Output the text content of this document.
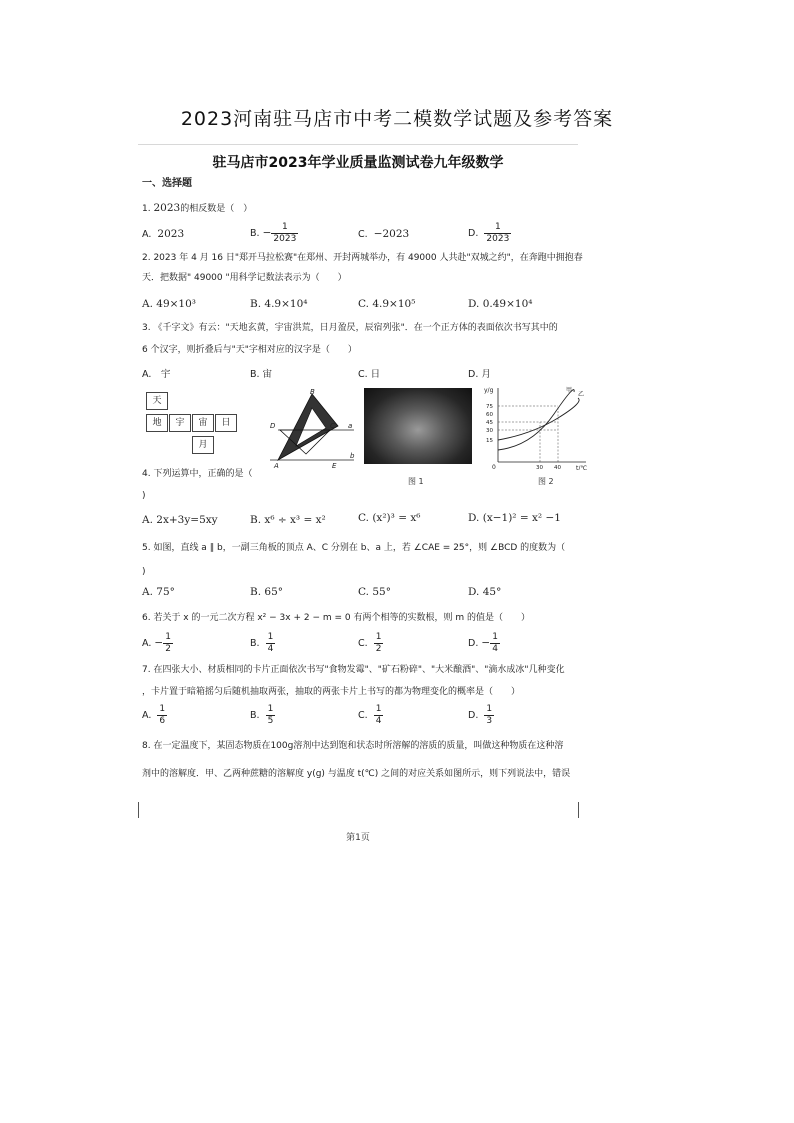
2023河南驻马店市中考二模数学试题及参考答案
驻马店市2023年学业质量监测试卷九年级数学
一、选择题
1. 2023的相反数是（　）
A. 2023	B. − $\frac{1}{2023}$	C. −2023	D. $\frac{1}{2023}$
2. 2023 年 4 月 16 日"郑开马拉松赛"在郑州、开封两城举办，有 49000 人共赴"双城之约"，在奔跑中拥抱春
天．把数据" 49000 "用科学记数法表示为（　　）
A. 49×10³	B. 4.9×10⁴	C. 4.9×10⁵	D. 0.49×10⁴
3. 《千字文》有云："天地玄黄，宇宙洪荒，日月盈昃，辰宿列张"．在一个正方体的表面依次书写其中的
6 个汉字，则折叠后与"天"字相对应的汉字是（　　）
A.　宇	B. 宙	C. 日	D. 月
天
地	宇	宙	日
月
B
D	C a
A	E
b
图 1
y/g
t/℃
甲
乙
0
75
60
45
30
15
30 40
图 2
4. 下列运算中，正确的是（
)
A. 2x+3y=5xy	B. x⁶ ÷ x³ = x²	C. (x²)³ = x⁶	D. (x−1)² = x² −1
5. 如图，直线 a ∥ b，一副三角板的顶点 A、C 分别在 b、a 上，若 ∠CAE = 25°，则 ∠BCD 的度数为（
)
A. 75°	B. 65°	C. 55°	D. 45°
6. 若关于 x 的一元二次方程 x² − 3x + 2 − m = 0 有两个相等的实数根，则 m 的值是（　　）
A. − $\frac{1}{2}$	B. $\frac{1}{4}$	C. $\frac{1}{2}$	D. − $\frac{1}{4}$
7. 在四张大小、材质相同的卡片正面依次书写"食物发霉"、"矿石粉碎"、"大米酿酒"、"滴水成冰"几种变化
，卡片置于暗箱摇匀后随机抽取两张，抽取的两张卡片上书写的都为物理变化的概率是（　　）
A. $\frac{1}{6}$	B. $\frac{1}{5}$	C. $\frac{1}{4}$	D. $\frac{1}{3}$
8. 在一定温度下，某固态物质在100g溶剂中达到饱和状态时所溶解的溶质的质量，叫做这种物质在这种溶
剂中的溶解度．甲、乙两种蔗糖的溶解度 y(g) 与温度 t(℃) 之间的对应关系如图所示，则下列说法中，错误
第1页
